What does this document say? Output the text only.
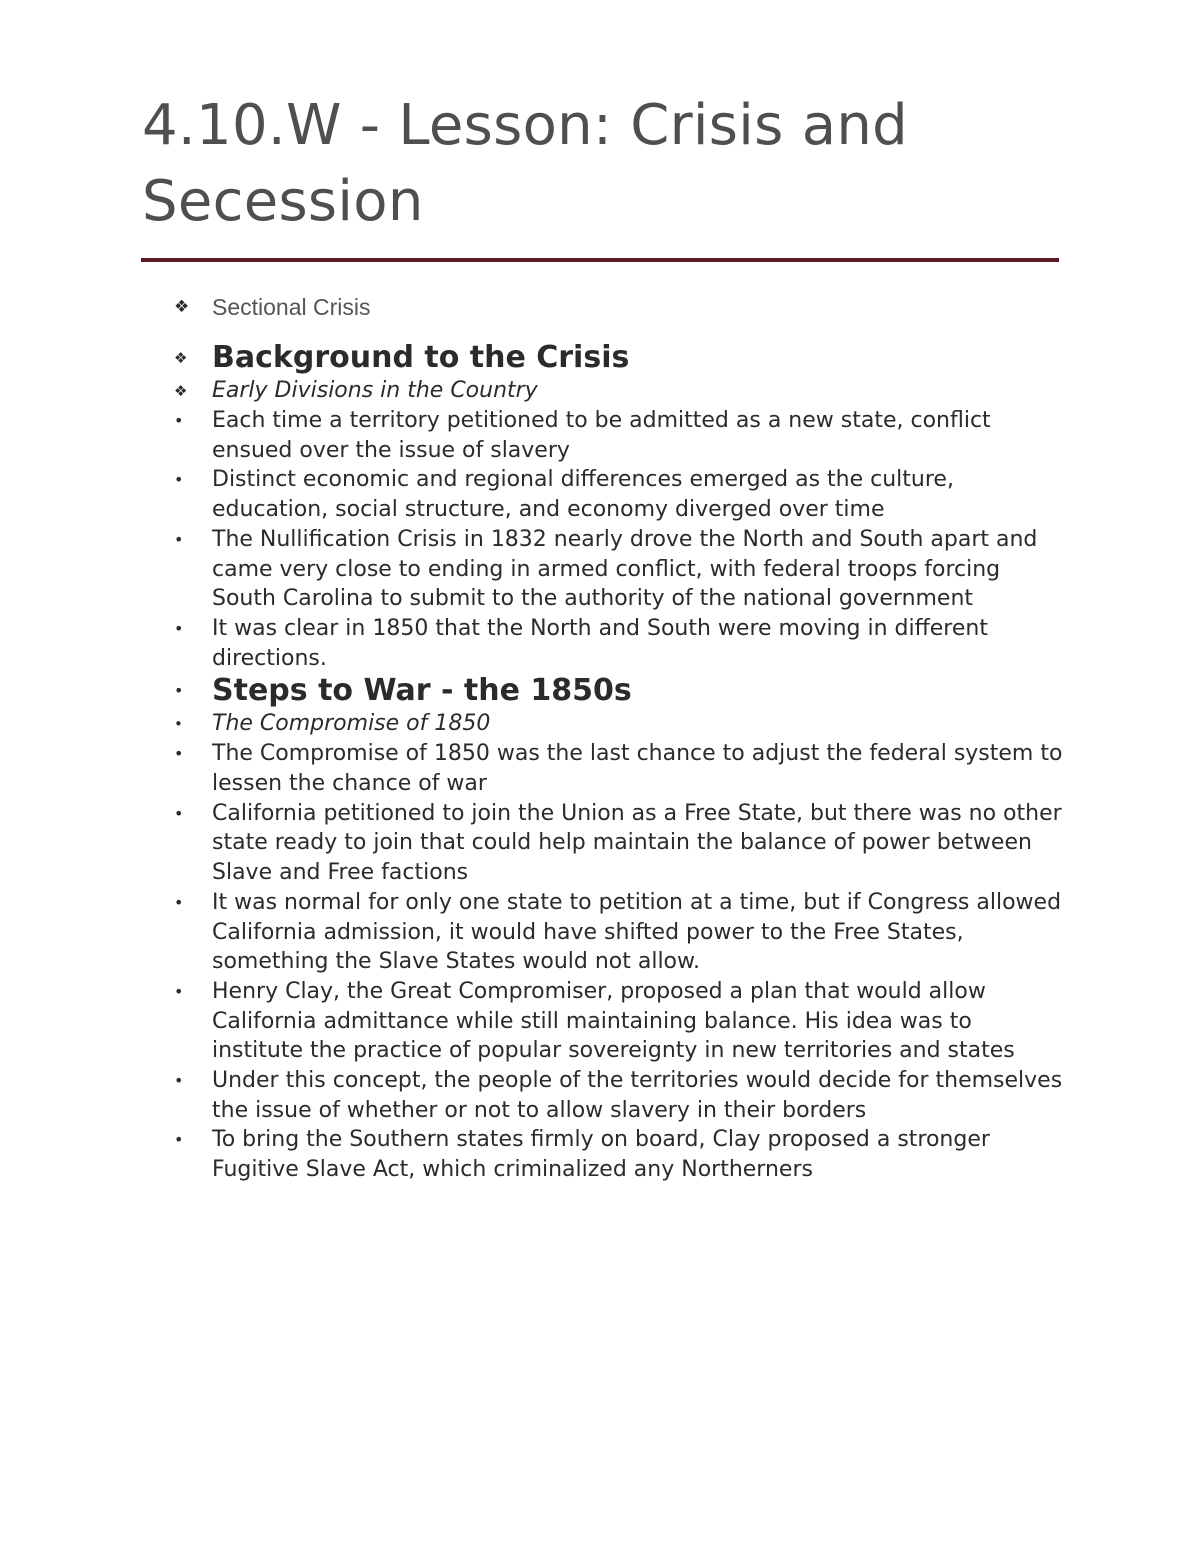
4.10.W - Lesson: Crisis and Secession
❖ Sectional Crisis
❖ Background to the Crisis
❖	Early Divisions in the Country
•	Each time a territory petitioned to be admitted as a new state, conflict ensued over the issue of slavery
•	Distinct economic and regional differences emerged as the culture, education, social structure, and economy diverged over time
•	The Nullification Crisis in 1832 nearly drove the North and South apart and came very close to ending in armed conflict, with federal troops forcing South Carolina to submit to the authority of the national government
•	It was clear in 1850 that the North and South were moving in different directions.
• Steps to War - the 1850s
•	The Compromise of 1850
•	The Compromise of 1850 was the last chance to adjust the federal system to lessen the chance of war
•	California petitioned to join the Union as a Free State, but there was no other state ready to join that could help maintain the balance of power between Slave and Free factions
•	It was normal for only one state to petition at a time, but if Congress allowed California admission, it would have shifted power to the Free States, something the Slave States would not allow.
•	Henry Clay, the Great Compromiser, proposed a plan that would allow California admittance while still maintaining balance. His idea was to institute the practice of popular sovereignty in new territories and states
•	Under this concept, the people of the territories would decide for themselves the issue of whether or not to allow slavery in their borders
•	To bring the Southern states firmly on board, Clay proposed a stronger Fugitive Slave Act, which criminalized any Northerners
